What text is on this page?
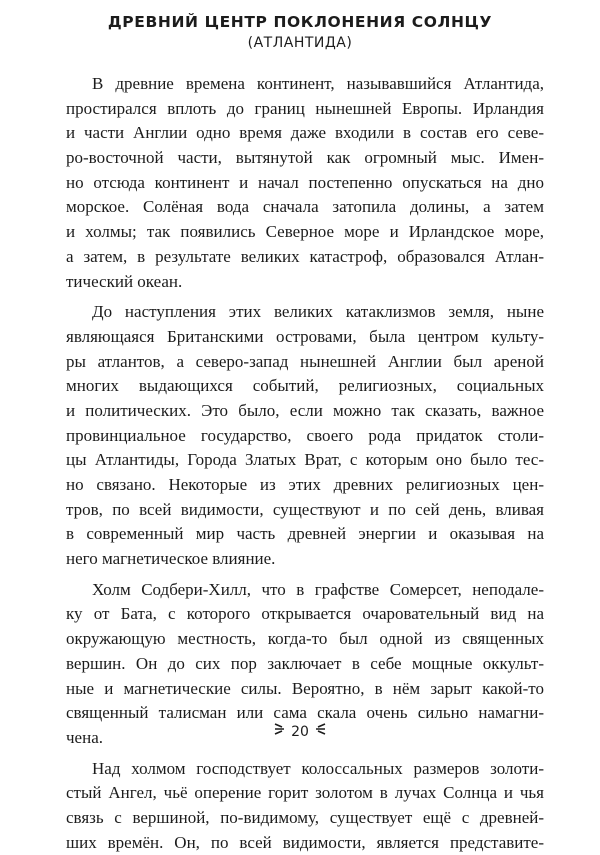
ДРЕВНИЙ ЦЕНТР ПОКЛОНЕНИЯ СОЛНЦУ
(АТЛАНТИДА)
В древние времена континент, называвшийся Атлантида,
простирался вплоть до границ нынешней Европы. Ирландия
и части Англии одно время даже входили в состав его севе-
ро-восточной части, вытянутой как огромный мыс. Имен-
но отсюда континент и начал постепенно опускаться на дно
морское. Солёная вода сначала затопила долины, а затем
и холмы; так появились Северное море и Ирландское море,
а затем, в результате великих катастроф, образовался Атлан-
тический океан.
До наступления этих великих катаклизмов земля, ныне
являющаяся Британскими островами, была центром культу-
ры атлантов, а северо-запад нынешней Англии был ареной
многих выдающихся событий, религиозных, социальных
и политических. Это было, если можно так сказать, важное
провинциальное государство, своего рода придаток столи-
цы Атлантиды, Города Златых Врат, с которым оно было тес-
но связано. Некоторые из этих древних религиозных цен-
тров, по всей видимости, существуют и по сей день, вливая
в современный мир часть древней энергии и оказывая на
него магнетическое влияние.
Холм Содбери-Хилл, что в графстве Сомерсет, неподале-
ку от Бата, с которого открывается очаровательный вид на
окружающую местность, когда-то был одной из священных
вершин. Он до сих пор заключает в себе мощные оккульт-
ные и магнетические силы. Вероятно, в нём зарыт какой-то
священный талисман или сама скала очень сильно намагни-
чена.
Над холмом господствует колоссальных размеров золоти-
стый Ангел, чьё оперение горит золотом в лучах Солнца и чья
связь с вершиной, по-видимому, существует ещё с древней-
ших времён. Он, по всей видимости, является представите-
20
